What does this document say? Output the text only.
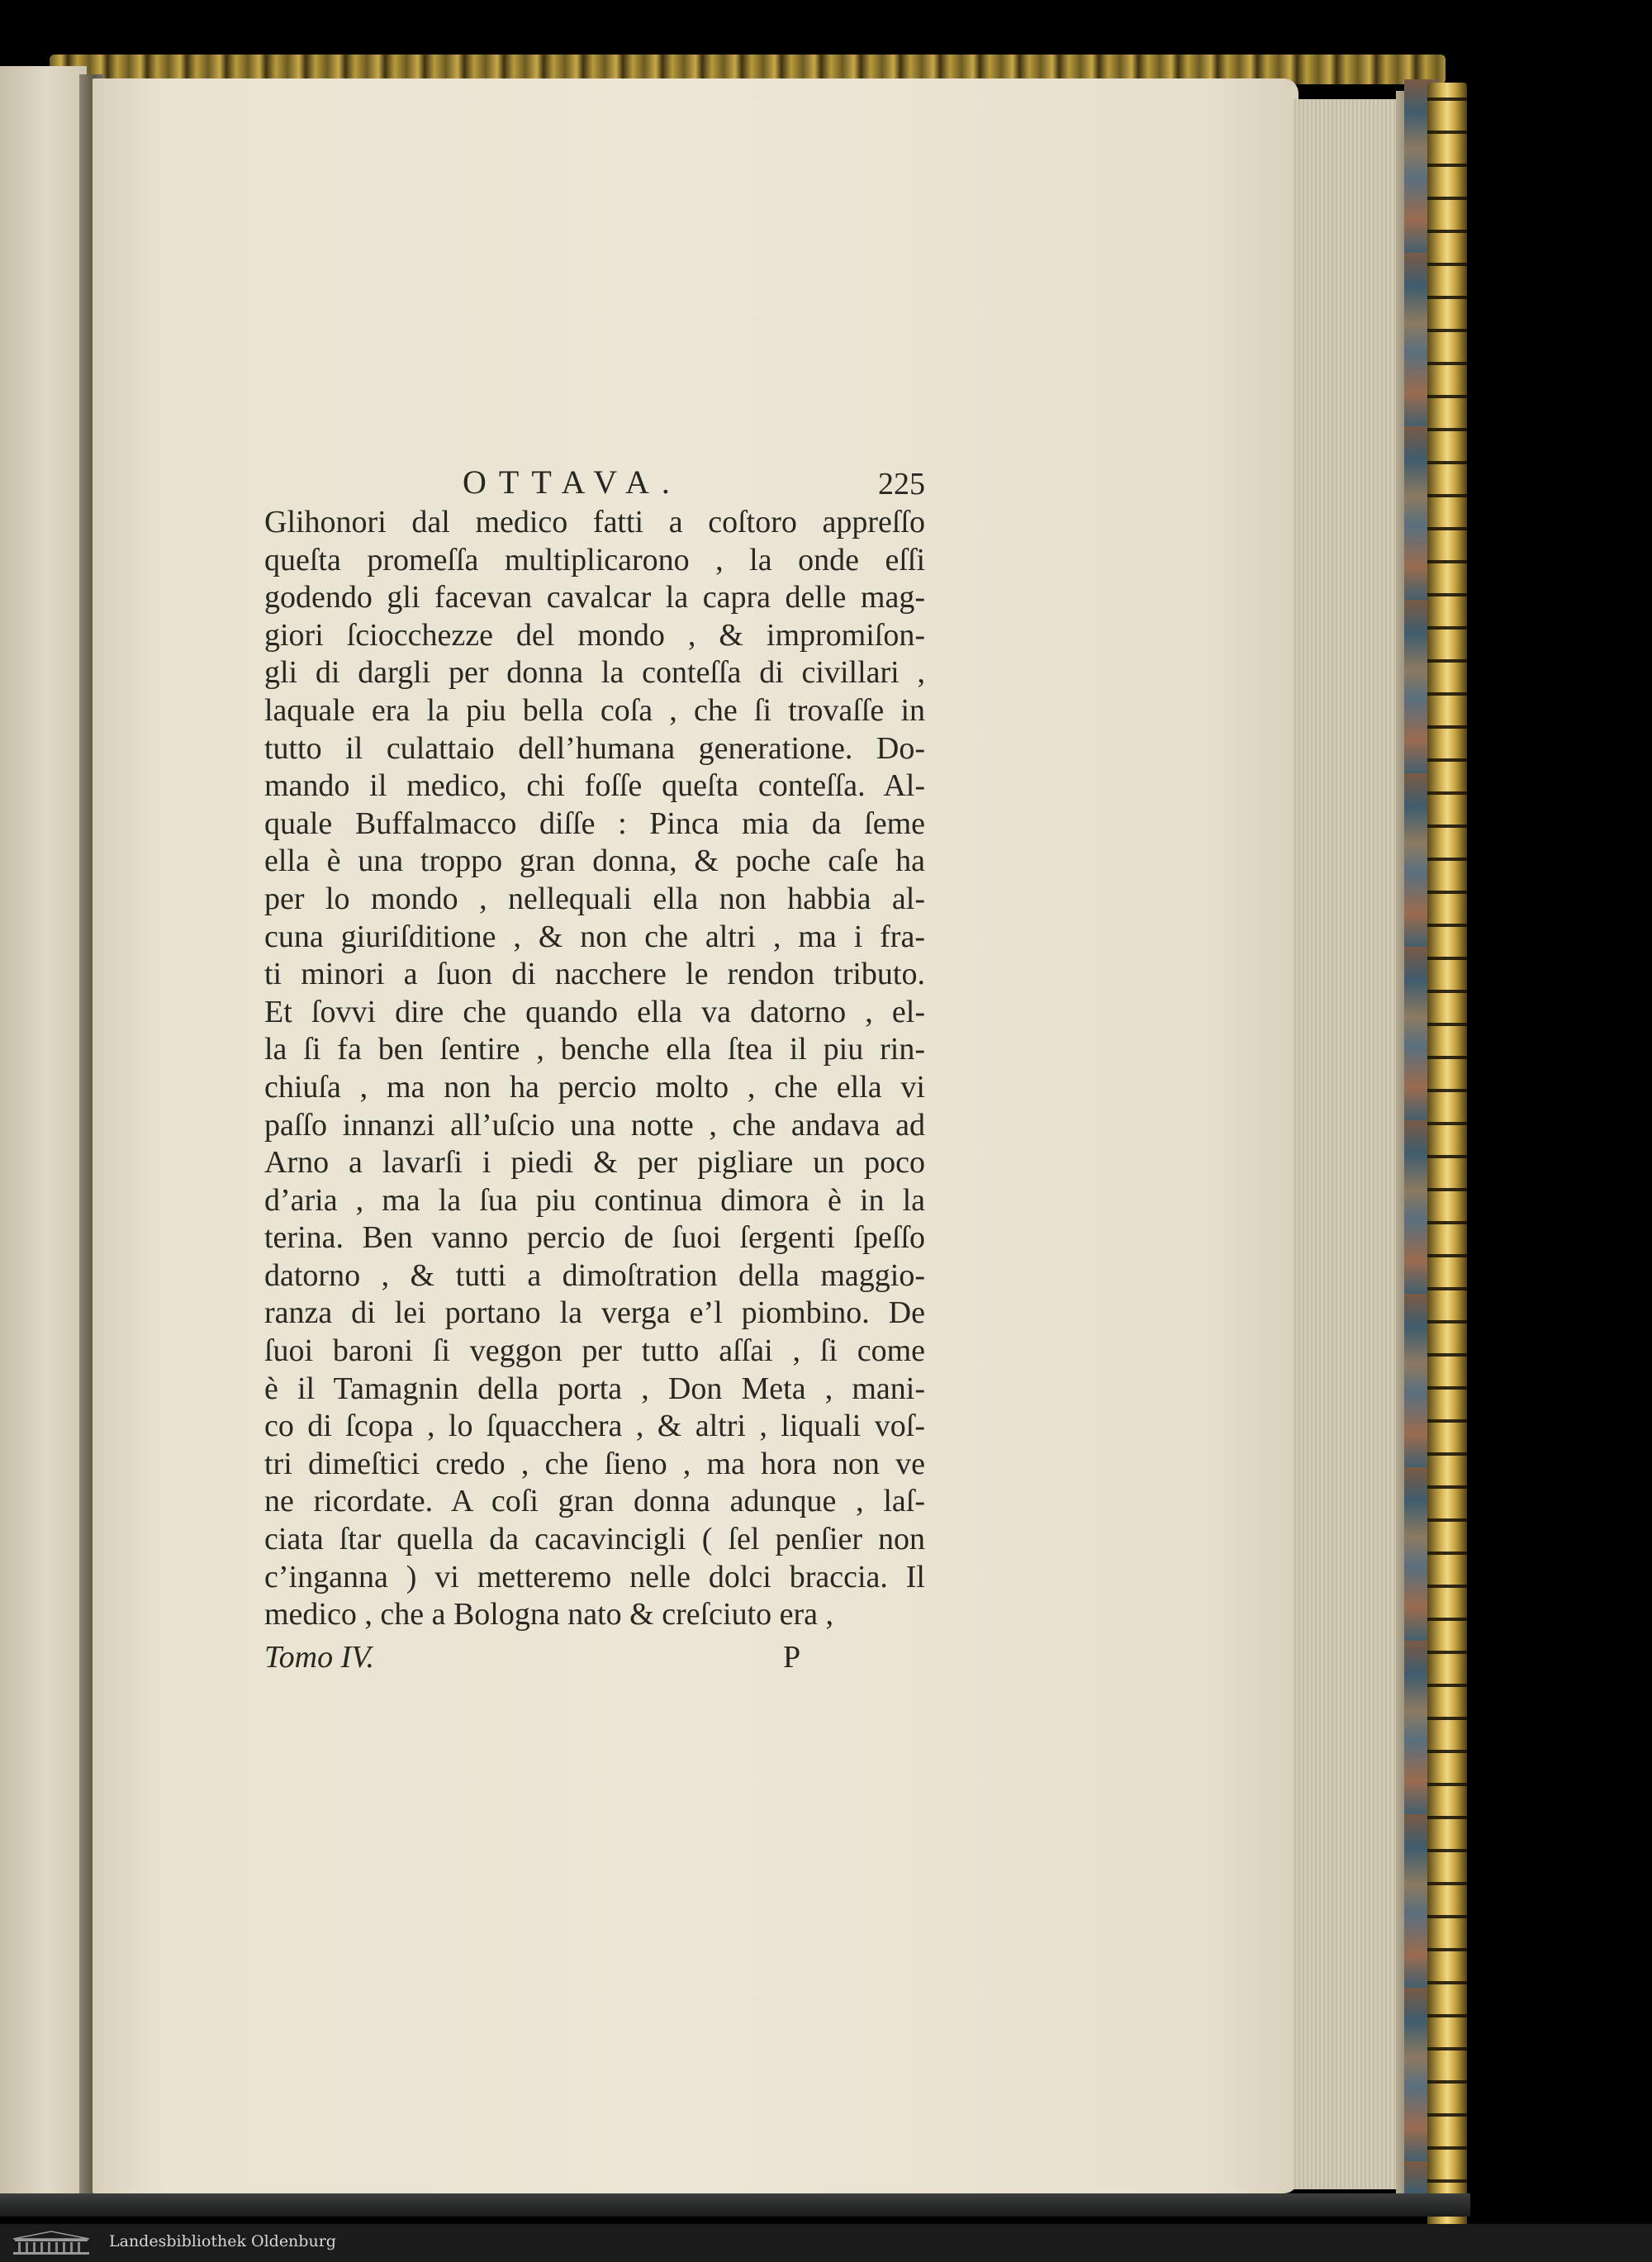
OTTAVA.	225
Glihonori dal medico fatti a coſtoro appreſſo
queſta promeſſa multiplicarono , la onde eſſi
godendo gli facevan cavalcar la capra delle mag-
giori ſciocchezze del mondo , & impromiſon-
gli di dargli per donna la conteſſa di civillari ,
laquale era la piu bella coſa , che ſi trovaſſe in
tutto il culattaio dell’humana generatione. Do-
mando il medico, chi foſſe queſta conteſſa. Al-
quale Buffalmacco diſſe : Pinca mia da ſeme
ella è una troppo gran donna, & poche caſe ha
per lo mondo , nellequali ella non habbia al-
cuna giuriſditione , & non che altri , ma i fra-
ti minori a ſuon di nacchere le rendon tributo.
Et ſovvi dire che quando ella va datorno , el-
la ſi fa ben ſentire , benche ella ſtea il piu rin-
chiuſa , ma non ha percio molto , che ella vi
paſſo innanzi all’uſcio una notte , che andava ad
Arno a lavarſi i piedi & per pigliare un poco
d’aria , ma la ſua piu continua dimora è in la
terina. Ben vanno percio de ſuoi ſergenti ſpeſſo
datorno , & tutti a dimoſtration della maggio-
ranza di lei portano la verga e’l piombino. De
ſuoi baroni ſi veggon per tutto aſſai , ſi come
è il Tamagnin della porta , Don Meta , mani-
co di ſcopa , lo ſquacchera , & altri , liquali voſ-
tri dimeſtici credo , che ſieno , ma hora non ve
ne ricordate. A coſi gran donna adunque , laſ-
ciata ſtar quella da cacavincigli ( ſel penſier non
c’inganna ) vi metteremo nelle dolci braccia. Il
medico , che a Bologna nato & creſciuto era ,
Tomo IV.	P
Landesbibliothek Oldenburg
